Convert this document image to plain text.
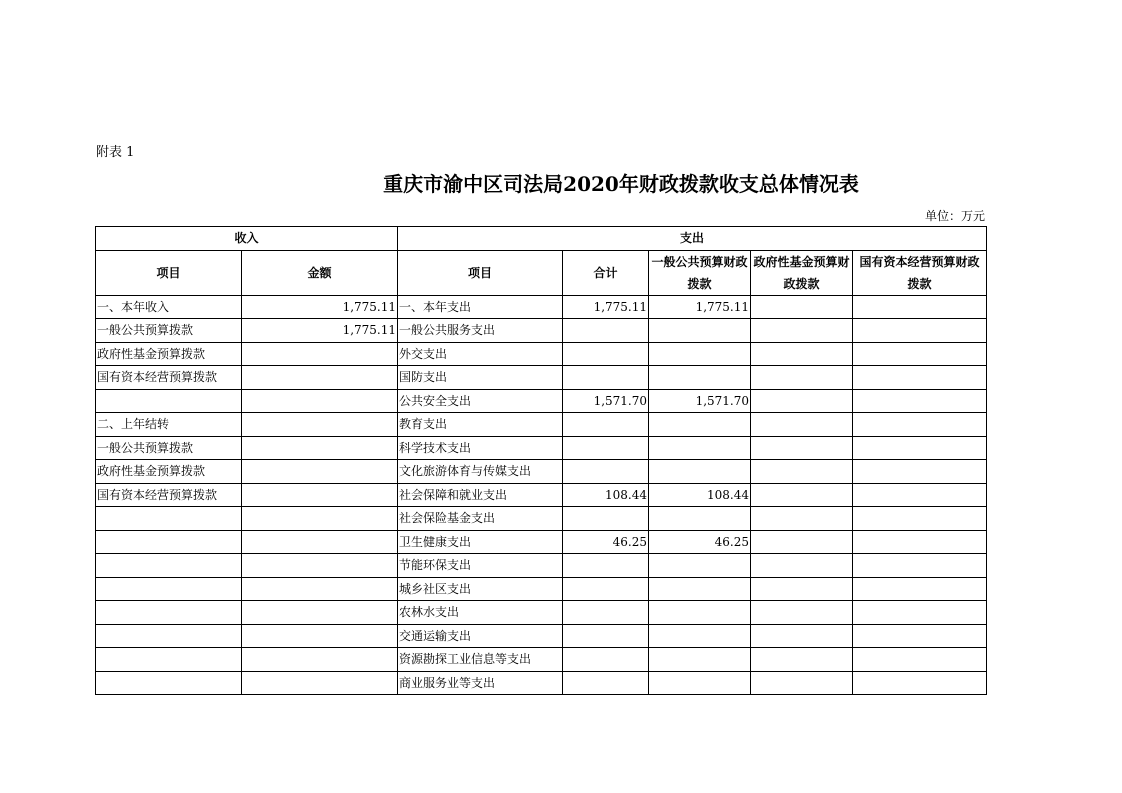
附表 1
重庆市渝中区司法局2020年财政拨款收支总体情况表
单位：万元
收入		支出				
项目	金额	项目	合计	一般公共预算财政拨款	政府性基金预算财政拨款	国有资本经营预算财政拨款
一、本年收入	1,775.11	一、本年支出	1,775.11	1,775.11		
一般公共预算拨款	1,775.11	一般公共服务支出				
政府性基金预算拨款		外交支出				
国有资本经营预算拨款		国防支出				
		公共安全支出	1,571.70	1,571.70		
二、上年结转		教育支出				
一般公共预算拨款		科学技术支出				
政府性基金预算拨款		文化旅游体育与传媒支出				
国有资本经营预算拨款		社会保障和就业支出	108.44	108.44		
		社会保险基金支出				
		卫生健康支出	46.25	46.25		
		节能环保支出				
		城乡社区支出				
		农林水支出				
		交通运输支出				
		资源勘探工业信息等支出				
		商业服务业等支出				
